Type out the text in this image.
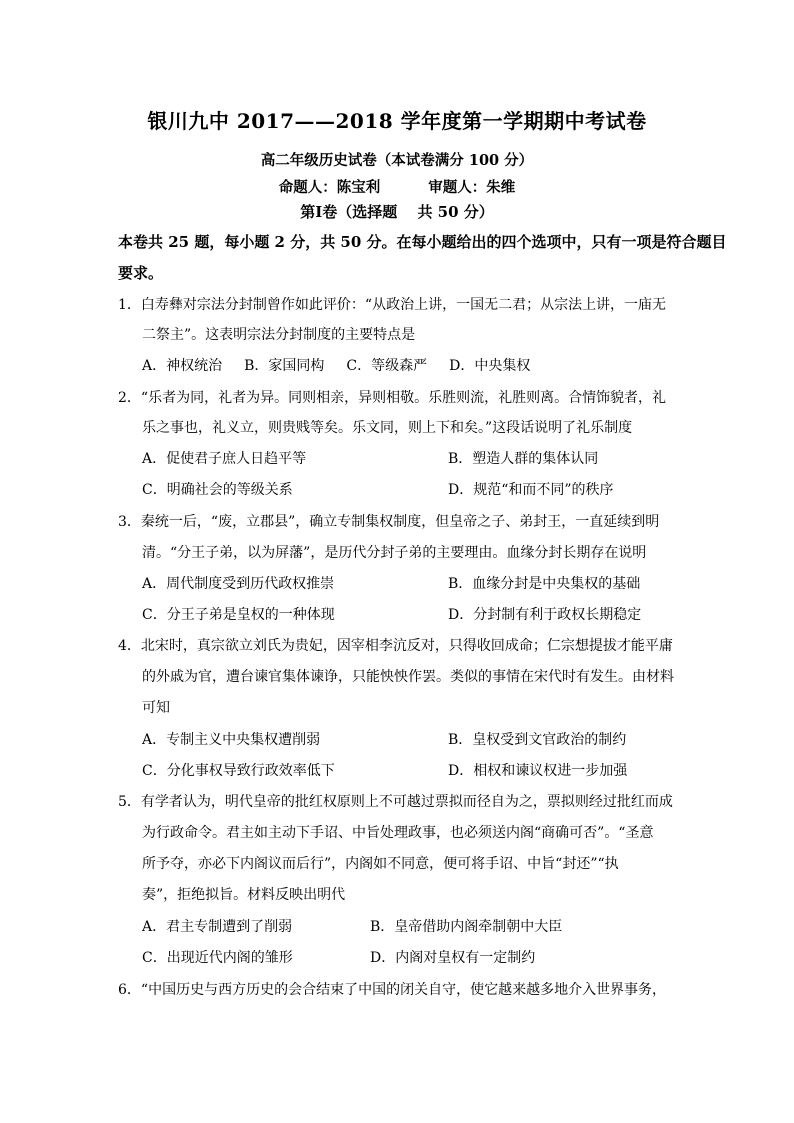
银川九中 2017——2018 学年度第一学期期中考试卷
高二年级历史试卷（本试卷满分 100 分）
命题人：陈宝利	审题人：朱维
第Ⅰ卷（选择题　 共 50 分）
本卷共 25 题，每小题 2 分，共 50 分。在每小题给出的四个选项中，只有一项是符合题目
要求。
1．白寿彝对宗法分封制曾作如此评价：“从政治上讲，一国无二君；从宗法上讲，一庙无
二祭主”。这表明宗法分封制度的主要特点是
A．神权统治 B．家国同构 C．等级森严 D．中央集权
2．“乐者为同，礼者为异。同则相亲，异则相敬。乐胜则流，礼胜则离。合情饰貌者，礼
乐之事也，礼义立，则贵贱等矣。乐文同，则上下和矣。”这段话说明了礼乐制度
A．促使君子庶人日趋平等	B．塑造人群的集体认同
C．明确社会的等级关系	D．规范“和而不同”的秩序
3．秦统一后，“废，立郡县”，确立专制集权制度，但皇帝之子、弟封王，一直延续到明
清。“分王子弟，以为屏藩”，是历代分封子弟的主要理由。血缘分封长期存在说明
A．周代制度受到历代政权推崇	B．血缘分封是中央集权的基础
C．分王子弟是皇权的一种体现	D．分封制有利于政权长期稳定
4．北宋时，真宗欲立刘氏为贵妃，因宰相李沆反对，只得收回成命；仁宗想提拔才能平庸
的外戚为官，遭台谏官集体谏诤，只能怏怏作罢。类似的事情在宋代时有发生。由材料
可知
A．专制主义中央集权遭削弱	B．皇权受到文官政治的制约
C．分化事权导致行政效率低下	D．相权和谏议权进一步加强
5．有学者认为，明代皇帝的批红权原则上不可越过票拟而径自为之，票拟则经过批红而成
为行政命令。君主如主动下手诏、中旨处理政事，也必须送内阁“商确可否”。“圣意
所予夺，亦必下内阁议而后行”，内阁如不同意，便可将手诏、中旨“封还”“执
奏”，拒绝拟旨。材料反映出明代
A．君主专制遭到了削弱	B．皇帝借助内阁牵制朝中大臣
C．出现近代内阁的雏形	D．内阁对皇权有一定制约
6．“中国历史与西方历史的会合结束了中国的闭关自守，使它越来越多地介入世界事务，
